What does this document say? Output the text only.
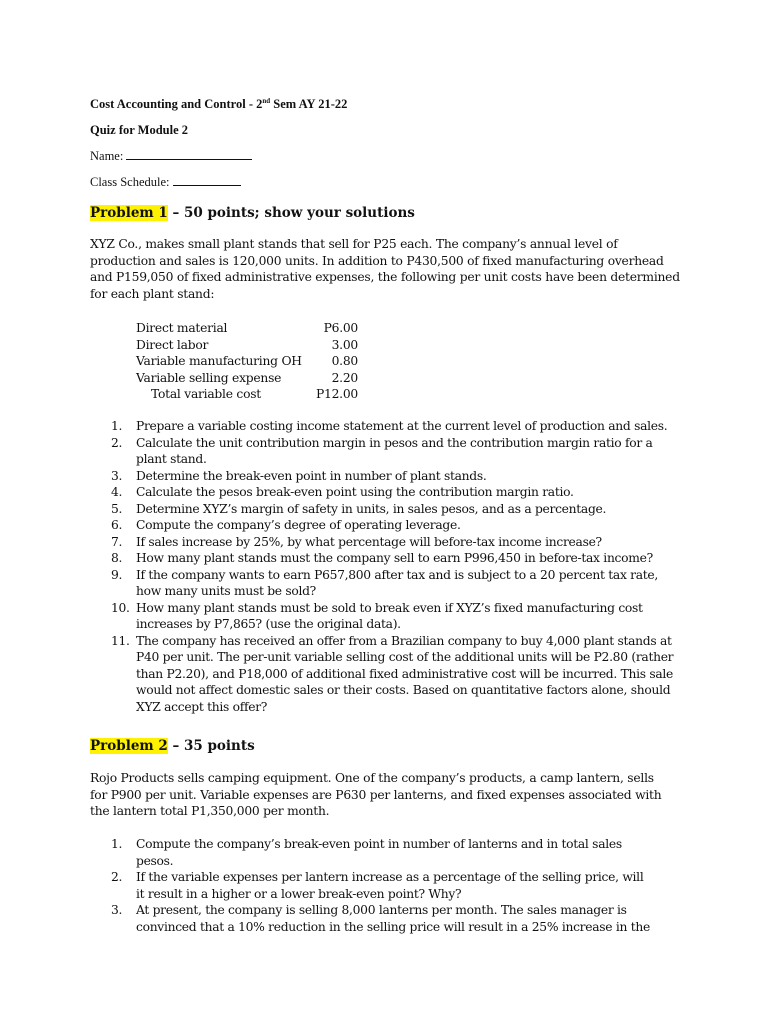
Cost Accounting and Control - 2nd Sem AY 21-22

Quiz for Module 2

Name:

Class Schedule:

Problem 1 – 50 points; show your solutions

XYZ Co., makes small plant stands that sell for P25 each. The company’s annual level of production and sales is 120,000 units. In addition to P430,500 of fixed manufacturing overhead and P159,050 of fixed administrative expenses, the following per unit costs have been determined for each plant stand:

Direct material	P6.00
Direct labor	3.00
Variable manufacturing OH	0.80
Variable selling expense	2.20
Total variable cost	P12.00
1.	Prepare a variable costing income statement at the current level of production and sales.
2.	Calculate the unit contribution margin in pesos and the contribution margin ratio for a plant stand.
3.	Determine the break-even point in number of plant stands.
4.	Calculate the pesos break-even point using the contribution margin ratio.
5.	Determine XYZ’s margin of safety in units, in sales pesos, and as a percentage.
6.	Compute the company’s degree of operating leverage.
7.	If sales increase by 25%, by what percentage will before-tax income increase?
8.	How many plant stands must the company sell to earn P996,450 in before-tax income?
9.	If the company wants to earn P657,800 after tax and is subject to a 20 percent tax rate, how many units must be sold?
10. How many plant stands must be sold to break even if XYZ’s fixed manufacturing cost increases by P7,865? (use the original data).
11. The company has received an offer from a Brazilian company to buy 4,000 plant stands at P40 per unit. The per-unit variable selling cost of the additional units will be P2.80 (rather than P2.20), and P18,000 of additional fixed administrative cost will be incurred. This sale would not affect domestic sales or their costs. Based on quantitative factors alone, should XYZ accept this offer?

Problem 2 – 35 points

Rojo Products sells camping equipment. One of the company’s products, a camp lantern, sells for P900 per unit. Variable expenses are P630 per lanterns, and fixed expenses associated with the lantern total P1,350,000 per month.

1.	Compute the company’s break-even point in number of lanterns and in total sales pesos.
2.	If the variable expenses per lantern increase as a percentage of the selling price, will it result in a higher or a lower break-even point? Why?
3.	At present, the company is selling 8,000 lanterns per month. The sales manager is convinced that a 10% reduction in the selling price will result in a 25% increase in the
